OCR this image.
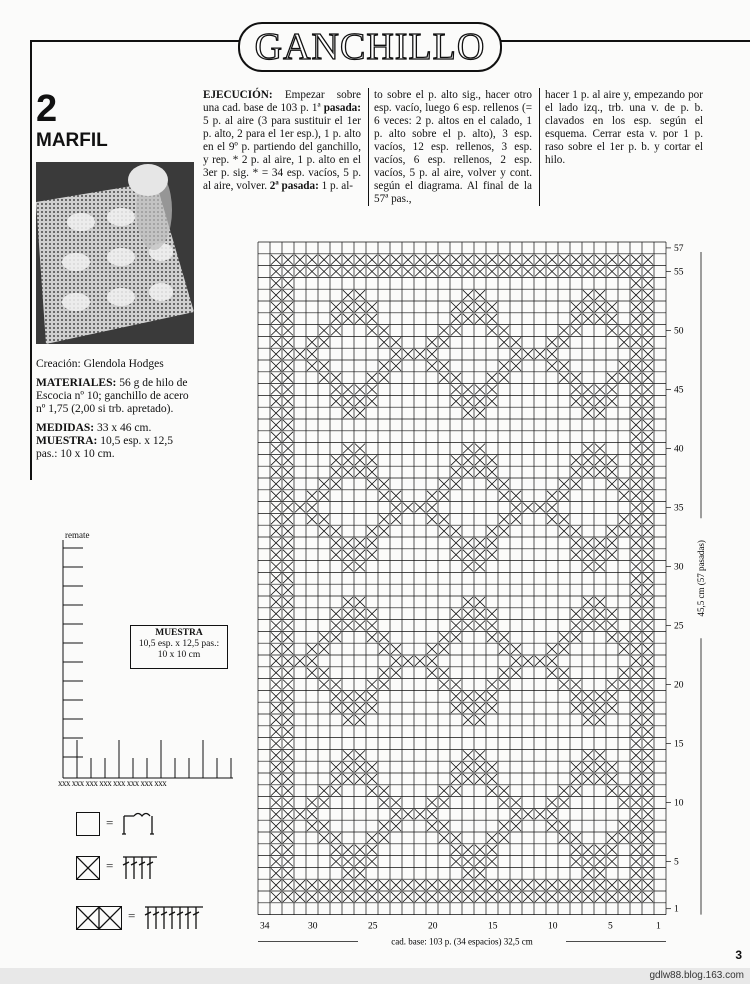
GANCHILLO
2
MARFIL
EJECUCIÓN: Empezar sobre una cad. base de 103 p. 1ª pasada: 5 p. al aire (3 para sustituir el 1er p. alto, 2 para el 1er esp.), 1 p. alto en el 9º p. partiendo del ganchillo, y rep. * 2 p. al aire, 1 p. alto en el 3er p. sig. * = 34 esp. vacíos, 5 p. al aire, volver. 2ª pasada: 1 p. al-
to sobre el p. alto sig., hacer otro esp. vacío, luego 6 esp. rellenos (= 6 veces: 2 p. altos en el calado, 1 p. alto sobre el p. alto), 3 esp. vacíos, 12 esp. rellenos, 3 esp. vacíos, 6 esp. rellenos, 2 esp. vacíos, 5 p. al aire, volver y cont. según el diagrama. Al final de la 57ª pas.,
hacer 1 p. al aire y, empezando por el lado izq., trb. una v. de p. b. clavados en los esp. según el esquema. Cerrar esta v. por 1 p. raso sobre el 1er p. b. y cortar el hilo.

Creación: Glendola Hodges

MATERIALES: 56 g de hilo de Escocia nº 10; ganchillo de acero nº 1,75 (2,00 si trb. apretado).

MEDIDAS: 33 x 46 cm.

MUESTRA: 10,5 esp. x 12,5 pas.: 10 x 10 cm.

remate
MUESTRA
10,5 esp. x 12,5 pas.:
10 x 10 cm
xxx xxx xxx xxx xxx xxx xxx xxx
=
=
=	1
5
10
15
20
25
30
35
40
45
50
55
57
34	30	25	20	15	10	5	1
cad. base: 103 p. (34 espacios) 32,5 cm
45,5 cm (57 pasadas)
3
gdlw88.blog.163.com
